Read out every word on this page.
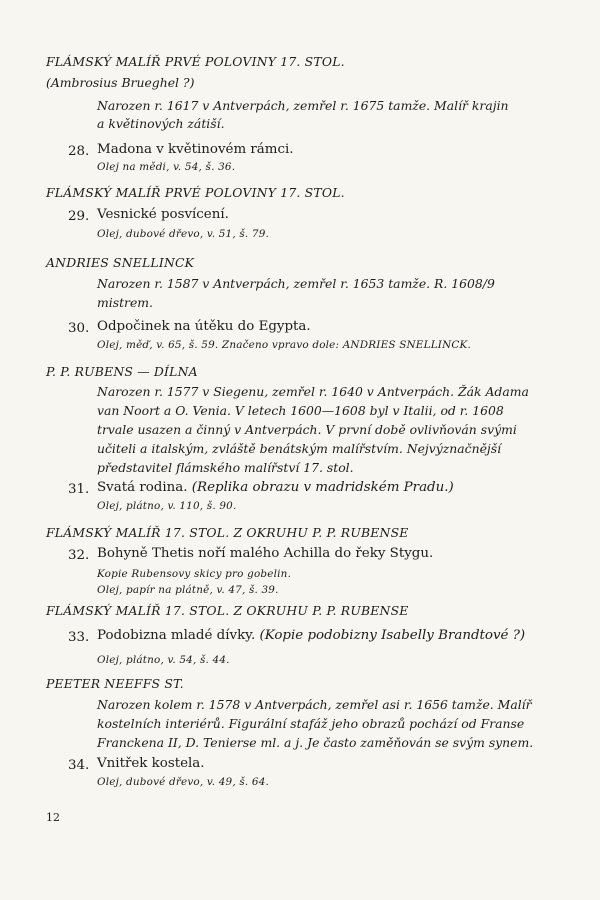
FLÁMSKÝ MALÍŘ PRVÉ POLOVINY 17. STOL.
(Ambrosius Brueghel ?)
Narozen r. 1617 v Antverpách, zemřel r. 1675 tamže. Malíř krajin
a květinových zátiší.
28. Madona v květinovém rámci.
Olej na mědi, v. 54, š. 36.
FLÁMSKÝ MALÍŘ PRVÉ POLOVINY 17. STOL.
29. Vesnické posvícení.
Olej, dubové dřevo, v. 51, š. 79.
ANDRIES SNELLINCK
Narozen r. 1587 v Antverpách, zemřel r. 1653 tamže. R. 1608/9
mistrem.
30. Odpočinek na útěku do Egypta.
Olej, měď, v. 65, š. 59. Značeno vpravo dole: ANDRIES SNELLINCK.
P. P. RUBENS — DÍLNA
Narozen r. 1577 v Siegenu, zemřel r. 1640 v Antverpách. Žák Adama
van Noort a O. Venia. V letech 1600—1608 byl v Italii, od r. 1608
trvale usazen a činný v Antverpách. V první době ovlivňován svými
učiteli a italským, zvláště benátským malířstvím. Nejvýznačnější
představitel flámského malířství 17. stol.
31. Svatá rodina. (Replika obrazu v madridském Pradu.)
Olej, plátno, v. 110, š. 90.
FLÁMSKÝ MALÍŘ 17. STOL. Z OKRUHU P. P. RUBENSE
32. Bohyně Thetis noří malého Achilla do řeky Stygu.
Kopie Rubensovy skicy pro gobelin.
Olej, papír na plátně, v. 47, š. 39.
FLÁMSKÝ MALÍŘ 17. STOL. Z OKRUHU P. P. RUBENSE
33. Podobizna mladé dívky. (Kopie podobizny Isabelly Brandtové ?)
Olej, plátno, v. 54, š. 44.
PEETER NEEFFS ST.
Narozen kolem r. 1578 v Antverpách, zemřel asi r. 1656 tamže. Malíř
kostelních interiérů. Figurální stafáž jeho obrazů pochází od Franse
Franckena II, D. Tenierse ml. a j. Je často zaměňován se svým synem.
34. Vnitřek kostela.
Olej, dubové dřevo, v. 49, š. 64.
12
